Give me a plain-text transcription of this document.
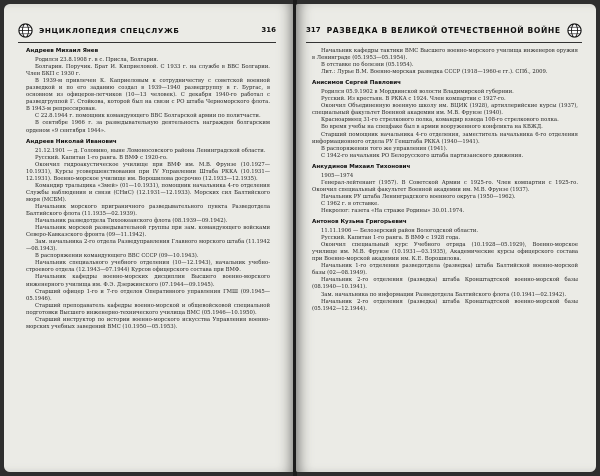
ЭНЦИКЛОПЕДИЯ СПЕЦСЛУЖБ	316
Андреев Михаил Янев

Родился 23.8.1908 г. в с. Присла, Болгария.

Болгарин. Поручик. Брат И. Кяприеловой. С 1933 г. на службе в ВВС Болгарии. Член БКП с 1930 г.

В 1939-м привлечен К. Каприеловым к сотрудничеству с советской военной разведкой и по его заданию создал в 1939—1940 разведгруппу в г. Бургас, в основном из офицеров-летчиков (10—13 человек). С декабря 1940-го работал с разведгруппой Г. Стойкова, которой был на связи с РО штаба Черноморского флота. В 1943-м репрессирован.

С 22.8.1944 г. помощник командующего ВВС Болгарской армии по политчасти.

В сентябре 1966 г. за разведывательную деятельность награжден болгарским орденом «9 сентября 1944».

Андреев Николай Иванович

21.12.1901 — д. Головино, ныне Ломоносовского района Ленинградской области.

Русский. Капитан 1-го ранга. В ВМФ с 1920-го.

Окончил гидроакустическое училище при ВМФ им. М.В. Фрунзе (10.1927—10.1931), Курсы усовершенствования при IV Управлении Штаба РККА (10.1931—12.1931). Военно-морское училище им. Ворошилова досрочно (12.1933—12.1935).

Командир тральщика «Змей» (01—10.1931), помощник начальника 4-го отделения Службы наблюдения и связи (СНиС) (12.1931—12.1933). Морских сил Балтийского моря (МСБМ).

Начальник морского приграничного разведывательного пункта Разведотдела Балтийского флота (11.1935—02.1939).

Начальник разведотдела Тихоокеанского флота (08.1939—09.1942).

Начальник морской разведывательной группы при зам. командующего войсками Северо-Кавказского фронта (09—11.1942).

Зам. начальника 2-го отдела Разведуправления Главного морского штаба (11.1942—08.1943).

В распоряжении командующего ВВС СССР (09—10.1943).

Начальник специального учебного отделения (10—12.1943), начальник учебно-строевого отдела (12.1943—07.1944) Курсов офицерского состава при ВМФ.

Начальник кафедры военно-морских дисциплин Высшего военно-морского инженерного училища им. Ф.Э. Дзержинского (07.1944—09.1945).

Старший офицер 1-го и 7-го отделов Оперативного управления ГМШ (09.1945—05.1946).

Старший преподаватель кафедры военно-морской и общевойсковой специальной подготовки Высшего инженерно-технического училища ВМС (05.1946—10.1950).

Старший инструктор по истории военно-морского искусства Управления военно-морских учебных заведений ВМС (10.1950—05.1953).

317 РАЗВЕДКА В ВЕЛИКОЙ ОТЕЧЕСТВЕННОЙ ВОЙНЕ

Начальник кафедры тактики ВМС Высшего военно-морского училища инженеров оружия в Ленинграде (05.1953—05.1954).

В отставке по болезни (05.1954).

Лит.: Лурье В.М. Военно-морская разведка СССР (1918—1960-е гг.). СПб., 2009.

Анисимов Сергей Павлович

Родился 05.9.1902 в Мордвинской волости Владимирской губернии.

Русский. Из крестьян. В РККА с 1924. Член компартии с 1927-го.

Окончил Объединенную военную школу им. ВЦИК (1928), артиллерийские курсы (1937), специальный факультет Военной академии им. М.В. Фрунзе (1940).

Красноармеец 31-го стрелкового полка, командир взвода 108-го стрелкового полка.

Во время учебы на спецфаке был в армии вооруженного конфликта на КВЖД.

Старший помощник начальника 4-го отделения, заместитель начальника 6-го отделения информационного отдела РУ Генштаба РККА (1940—1941).

В распоряжении того же управления (1941).

С 1942-го начальник РО Белорусского штаба партизанского движения.

Анкудинов Михаил Тихонович

1905—1974

Генерал-лейтенант (1957). В Советской Армии с 1925-го. Член компартии с 1925-го. Окончил специальный факультет Военной академии им. М.В. Фрунзе (1937).

Начальник РУ штаба Ленинградского военного округа (1950—1962).

С 1962 г. в отставке.

Некролог: газета «На страже Родины» 30.01.1974.

Антонов Кузьма Григорьевич

11.11.1906 — Белозерский район Вологодской области.

Русский. Капитан 1-го ранга. В ВМФ с 1928 года.

Окончил специальный курс Учебного отряда (10.1928—05.1929), Военно-морское училище им. М.В. Фрунзе (10.1931—03.1935), Академические курсы офицерского состава при Военно-морской академии им. К.Е. Ворошилова.

Начальник 1-го отделения разведотдела (разведка) штаба Балтийской военно-морской базы (02—08.1949).

Начальник 2-го отделения (разведка) штаба Кронштадтской военно-морской базы (08.1940—10.1941).

Зам. начальника по информации Разведотдела Балтийского флота (10.1941—02.1942).

Начальник 2-го отделения (разведка) штаба Кронштадтской военно-морской базы (05.1942—12.1944).
